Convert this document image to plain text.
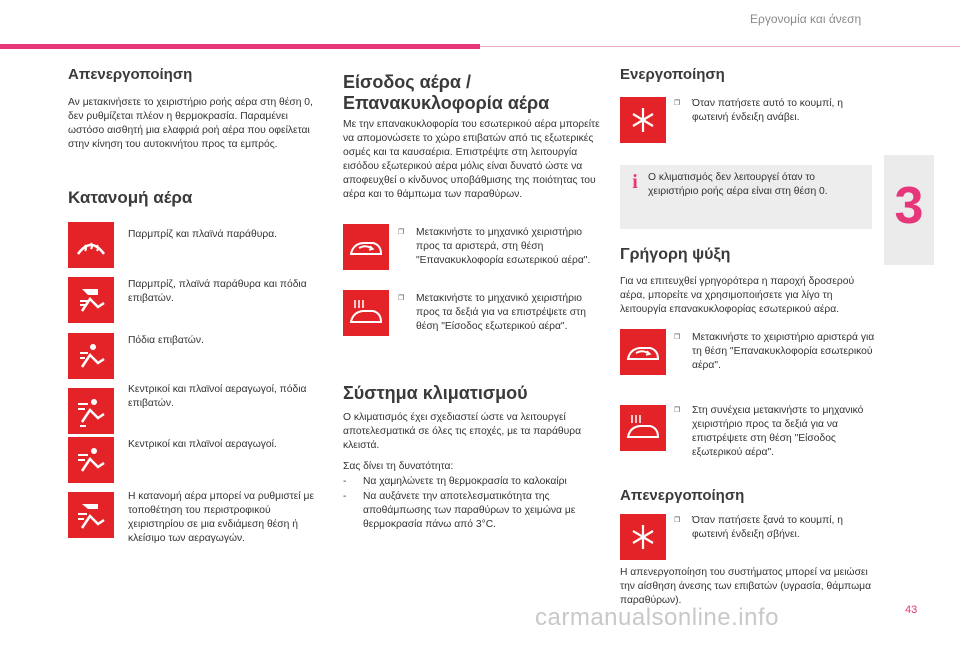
Εργονομία και άνεση
3
Απενεργοποίηση

Αν μετακινήσετε το χειριστήριο ροής αέρα στη θέση 0, δεν ρυθμίζεται πλέον η θερμοκρασία. Παραμένει ωστόσο αισθητή μια ελαφριά ροή αέρα που οφείλεται στην κίνηση του αυτοκινήτου προς τα εμπρός.

Κατανομή αέρα

Παρμπρίζ και πλαϊνά παράθυρα.

Παρμπρίζ, πλαϊνά παράθυρα και πόδια επιβατών.

Πόδια επιβατών.

Κεντρικοί και πλαϊνοί αεραγωγοί, πόδια επιβατών.

Κεντρικοί και πλαϊνοί αεραγωγοί.

Η κατανομή αέρα μπορεί να ρυθμιστεί με τοποθέτηση του περιστροφικού χειριστηρίου σε μια ενδιάμεση θέση ή κλείσιμο των αεραγωγών.

Είσοδος αέρα / Επανακυκλοφορία αέρα

Με την επανακυκλοφορία του εσωτερικού αέρα μπορείτε να απομονώσετε το χώρο επιβατών από τις εξωτερικές οσμές και τα καυσαέρια. Επιστρέψτε στη λειτουργία εισόδου εξωτερικού αέρα μόλις είναι δυνατό ώστε να αποφευχθεί ο κίνδυνος υποβάθμισης της ποιότητας του αέρα και το θάμπωμα των παραθύρων.

❐ Μετακινήστε το μηχανικό χειριστήριο προς τα αριστερά, στη θέση "Επανακυκλοφορία εσωτερικού αέρα".
❐ Μετακινήστε το μηχανικό χειριστήριο προς τα δεξιά για να επιστρέψετε στη θέση "Είσοδος εξωτερικού αέρα".
Σύστημα κλιματισμού

Ο κλιματισμός έχει σχεδιαστεί ώστε να λειτουργεί αποτελεσματικά σε όλες τις εποχές, με τα παράθυρα κλειστά.

Σας δίνει τη δυνατότητα:

- Να χαμηλώνετε τη θερμοκρασία το καλοκαίρι
- Να αυξάνετε την αποτελεσματικότητα της αποθάμπωσης των παραθύρων το χειμώνα με θερμοκρασία πάνω από 3°C.
Ενεργοποίηση
❐ Όταν πατήσετε αυτό το κουμπί, η φωτεινή ένδειξη ανάβει.
i Ο κλιματισμός δεν λειτουργεί όταν το χειριστήριο ροής αέρα είναι στη θέση 0.

Γρήγορη ψύξη

Για να επιτευχθεί γρηγορότερα η παροχή δροσερού αέρα, μπορείτε να χρησιμοποιήσετε για λίγο τη λειτουργία επανακυκλοφορίας εσωτερικού αέρα.

❐ Μετακινήστε το χειριστήριο αριστερά για τη θέση "Επανακυκλοφορία εσωτερικού αέρα".
❐ Στη συνέχεια μετακινήστε το μηχανικό χειριστήριο προς τα δεξιά για να επιστρέψετε στη θέση "Είσοδος εξωτερικού αέρα".
Απενεργοποίηση
❐ Όταν πατήσετε ξανά το κουμπί, η φωτεινή ένδειξη σβήνει.

Η απενεργοποίηση του συστήματος μπορεί να μειώσει την αίσθηση άνεσης των επιβατών (υγρασία, θάμπωμα παραθύρων).

43
carmanualsonline.info
